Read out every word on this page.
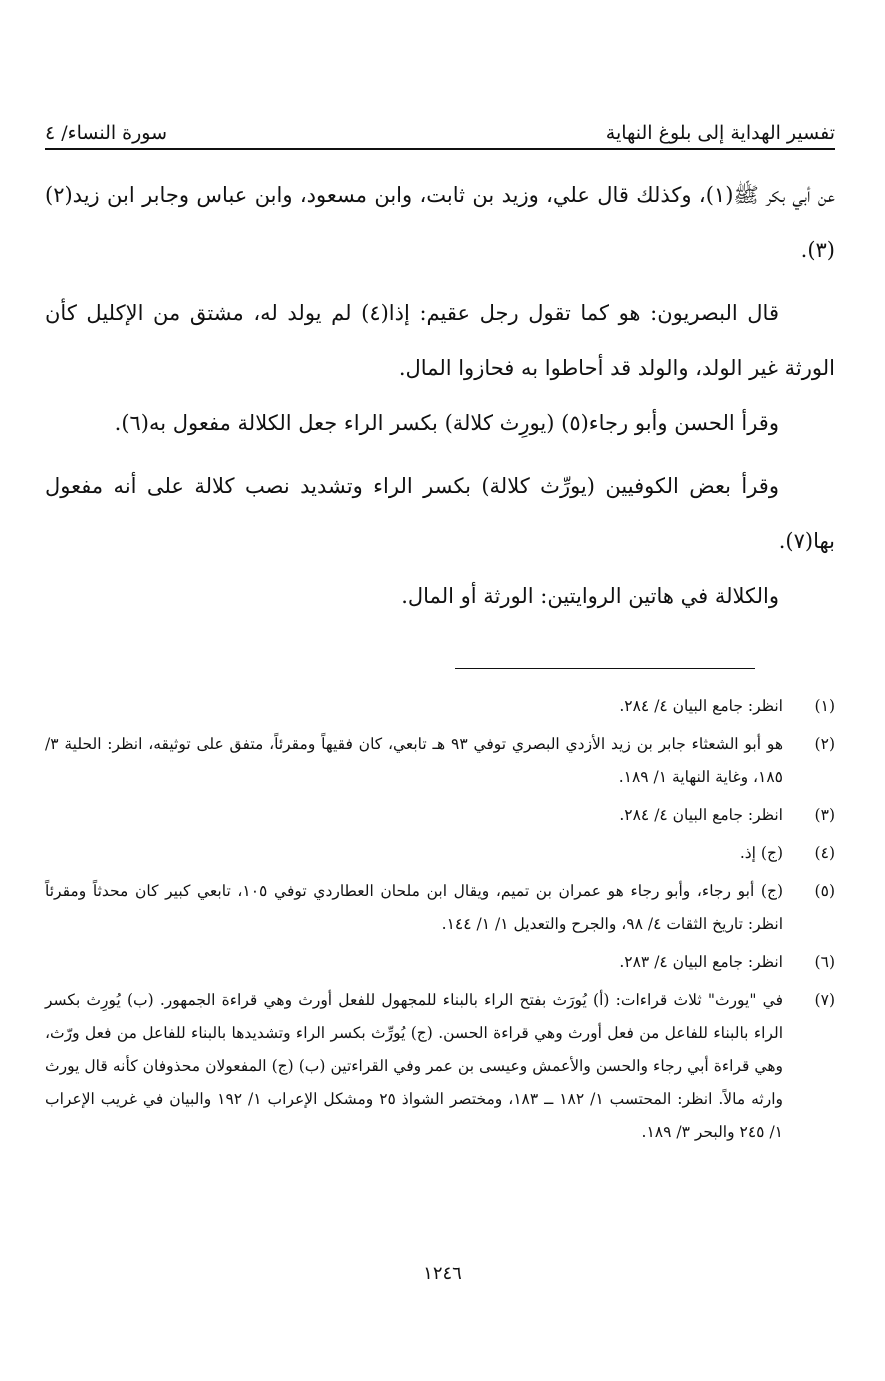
تفسير الهداية إلى بلوغ النهاية
سورة النساء/ ٤

عن أبي بكر ﷺ(١)، وكذلك قال علي، وزيد بن ثابت، وابن مسعود، وابن عباس وجابر ابن زيد(٢)(٣).

قال البصريون: هو كما تقول رجل عقيم: إذا(٤) لم يولد له، مشتق من الإكليل كأن الورثة غير الولد، والولد قد أحاطوا به فحازوا المال.

وقرأ الحسن وأبو رجاء(٥) (يورِث كلالة) بكسر الراء جعل الكلالة مفعول به(٦).

وقرأ بعض الكوفيين (يورِّث كلالة) بكسر الراء وتشديد نصب كلالة على أنه مفعول بها(٧).

والكلالة في هاتين الروايتين: الورثة أو المال.

(١)
انظر: جامع البيان ٤/ ٢٨٤.
(٢)
هو أبو الشعثاء جابر بن زيد الأزدي البصري توفي ٩٣ هـ تابعي، كان فقيهاً ومقرئاً، متفق على توثيقه، انظر: الحلية ٣/ ١٨٥، وغاية النهاية ١/ ١٨٩.
(٣)
انظر: جامع البيان ٤/ ٢٨٤.
(٤)
(ج) إذ.
(٥)
(ج) أبو رجاء، وأبو رجاء هو عمران بن تميم، ويقال ابن ملحان العطاردي توفي ١٠٥، تابعي كبير كان محدثاً ومقرئاً انظر: تاريخ الثقات ٤/ ٩٨، والجرح والتعديل ١/ ١/ ١٤٤.
(٦)
انظر: جامع البيان ٤/ ٢٨٣.
(٧)
في "يورث" ثلاث قراءات: (أ) يُورَث بفتح الراء بالبناء للمجهول للفعل أورث وهي قراءة الجمهور. (ب) يُورِث بكسر الراء بالبناء للفاعل من فعل أورث وهي قراءة الحسن. (ج) يُورِّث بكسر الراء وتشديدها بالبناء للفاعل من فعل ورّث، وهي قراءة أبي رجاء والحسن والأعمش وعيسى بن عمر وفي القراءتين (ب) (ج) المفعولان محذوفان كأنه قال يورث وارثه مالاً. انظر: المحتسب ١/ ١٨٢ ــ ١٨٣، ومختصر الشواذ ٢٥ ومشكل الإعراب ١/ ١٩٢ والبيان في غريب الإعراب ١/ ٢٤٥ والبحر ٣/ ١٨٩.
١٢٤٦
